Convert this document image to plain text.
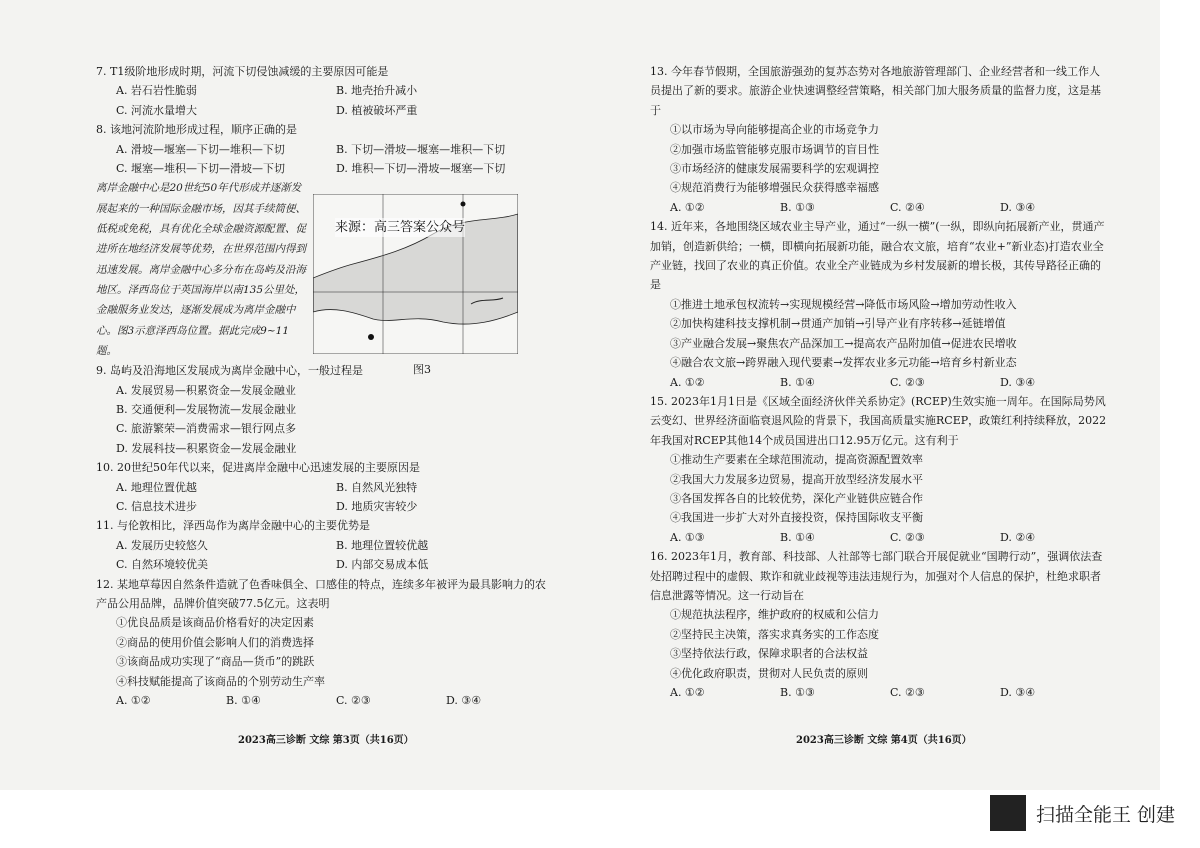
7. T1级阶地形成时期，河流下切侵蚀减缓的主要原因可能是
A. 岩石岩性脆弱	B. 地壳抬升减小
C. 河流水量增大	D. 植被破坏严重
8. 该地河流阶地形成过程，顺序正确的是
A. 滑坡—堰塞—下切—堆积—下切	B. 下切—滑坡—堰塞—堆积—下切
C. 堰塞—堆积—下切—滑坡—下切	D. 堆积—下切—滑坡—堰塞—下切
离岸金融中心是20世纪50年代形成并逐渐发展起来的一种国际金融市场，因其手续简便、低税或免税，具有优化全球金融资源配置、促进所在地经济发展等优势，在世界范围内得到迅速发展。离岸金融中心多分布在岛屿及沿海地区。泽西岛位于英国海岸以南135公里处，金融服务业发达，逐渐发展成为离岸金融中心。图3示意泽西岛位置。据此完成9~11题。
9. 岛屿及沿海地区发展成为离岸金融中心，一般过程是
A. 发展贸易—积累资金—发展金融业
B. 交通便利—发展物流—发展金融业
C. 旅游繁荣—消费需求—银行网点多
D. 发展科技—积累资金—发展金融业
10. 20世纪50年代以来，促进离岸金融中心迅速发展的主要原因是
A. 地理位置优越	B. 自然风光独特
C. 信息技术进步	D. 地质灾害较少
11. 与伦敦相比，泽西岛作为离岸金融中心的主要优势是
A. 发展历史较悠久	B. 地理位置较优越
C. 自然环境较优美	D. 内部交易成本低
12. 某地草莓因自然条件造就了色香味俱全、口感佳的特点，连续多年被评为最具影响力的农产品公用品牌，品牌价值突破77.5亿元。这表明
①优良品质是该商品价格看好的决定因素
②商品的使用价值会影响人们的消费选择
③该商品成功实现了“商品—货币”的跳跃
④科技赋能提高了该商品的个别劳动生产率
A. ①②	B. ①④	C. ②③	D. ③④
来源：高三答案公众号
图3
2023高三诊断 文综 第3页（共16页）
13. 今年春节假期，全国旅游强劲的复苏态势对各地旅游管理部门、企业经营者和一线工作人员提出了新的要求。旅游企业快速调整经营策略，相关部门加大服务质量的监督力度，这是基于
①以市场为导向能够提高企业的市场竞争力
②加强市场监管能够克服市场调节的盲目性
③市场经济的健康发展需要科学的宏观调控
④规范消费行为能够增强民众获得感幸福感
A. ①②	B. ①③	C. ②④	D. ③④
14. 近年来，各地围绕区域农业主导产业，通过“一纵一横”(一纵，即纵向拓展新产业，贯通产加销，创造新供给；一横，即横向拓展新功能，融合农文旅，培育“农业+”新业态)打造农业全产业链，找回了农业的真正价值。农业全产业链成为乡村发展新的增长极，其传导路径正确的是
①推进土地承包权流转→实现规模经营→降低市场风险→增加劳动性收入
②加快构建科技支撑机制→贯通产加销→引导产业有序转移→延链增值
③产业融合发展→聚焦农产品深加工→提高农产品附加值→促进农民增收
④融合农文旅→跨界融入现代要素→发挥农业多元功能→培育乡村新业态
A. ①②	B. ①④	C. ②③	D. ③④
15. 2023年1月1日是《区域全面经济伙伴关系协定》(RCEP)生效实施一周年。在国际局势风云变幻、世界经济面临衰退风险的背景下，我国高质量实施RCEP，政策红利持续释放，2022年我国对RCEP其他14个成员国进出口12.95万亿元。这有利于
①推动生产要素在全球范围流动，提高资源配置效率
②我国大力发展多边贸易，提高开放型经济发展水平
③各国发挥各自的比较优势，深化产业链供应链合作
④我国进一步扩大对外直接投资，保持国际收支平衡
A. ①③	B. ①④	C. ②③	D. ②④
16. 2023年1月，教育部、科技部、人社部等七部门联合开展促就业“国聘行动”，强调依法查处招聘过程中的虚假、欺诈和就业歧视等违法违规行为，加强对个人信息的保护，杜绝求职者信息泄露等情况。这一行动旨在
①规范执法程序，维护政府的权威和公信力
②坚持民主决策，落实求真务实的工作态度
③坚持依法行政，保障求职者的合法权益
④优化政府职责，贯彻对人民负责的原则
A. ①②	B. ①③	C. ②③	D. ③④
2023高三诊断 文综 第4页（共16页）
扫描全能王 创建
